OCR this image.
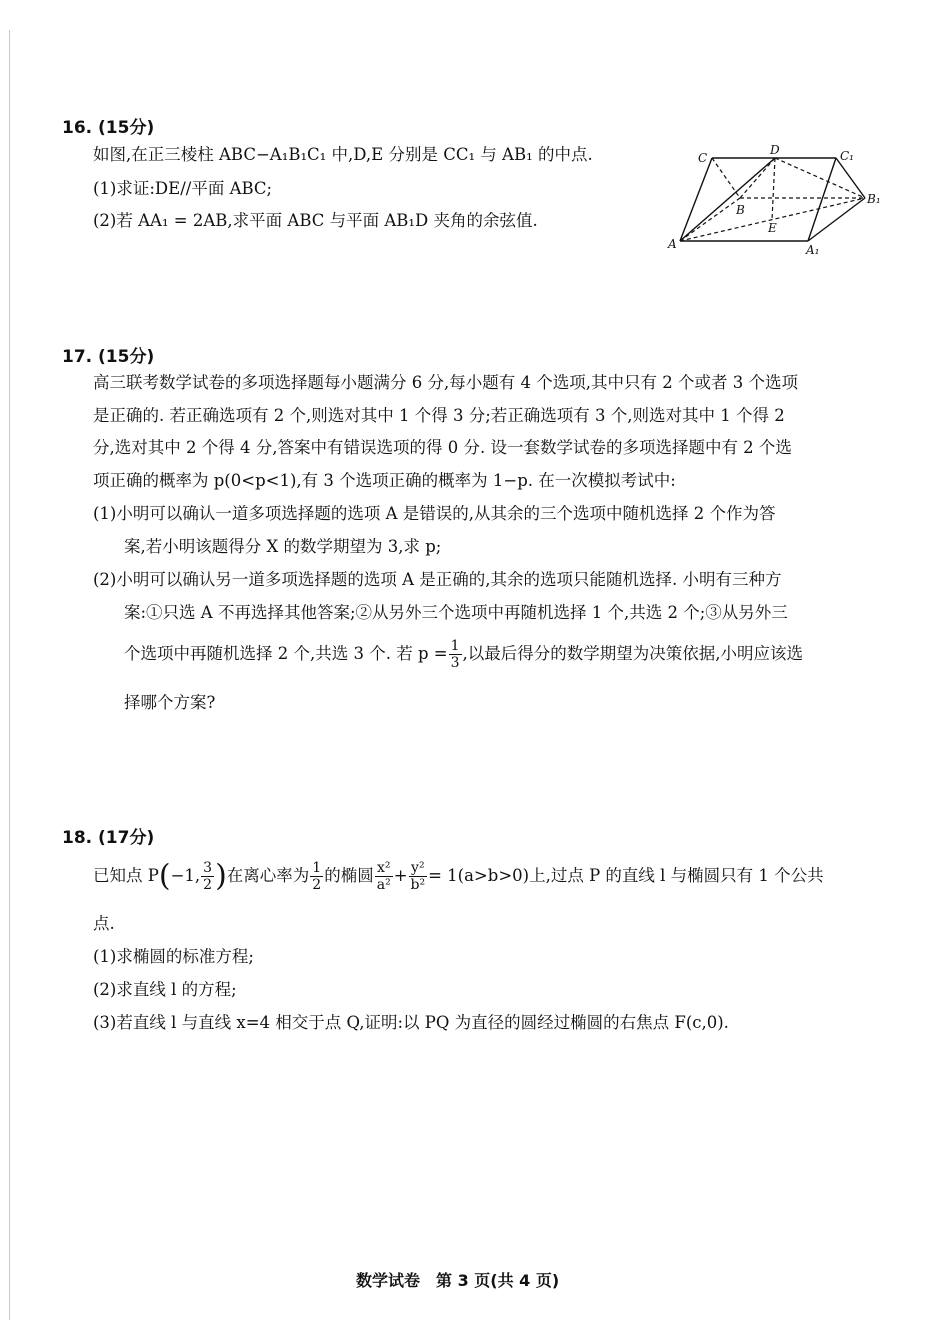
16. (15分)
如图,在正三棱柱 ABC−A₁B₁C₁ 中,D,E 分别是 CC₁ 与 AB₁ 的中点.
(1)求证:DE//平面 ABC;
(2)若 AA₁ = 2AB,求平面 ABC 与平面 AB₁D 夹角的余弦值.
C
D	C₁
B
B₁
E
A	A₁
17. (15分)
高三联考数学试卷的多项选择题每小题满分 6 分,每小题有 4 个选项,其中只有 2 个或者 3 个选项
是正确的. 若正确选项有 2 个,则选对其中 1 个得 3 分;若正确选项有 3 个,则选对其中 1 个得 2
分,选对其中 2 个得 4 分,答案中有错误选项的得 0 分. 设一套数学试卷的多项选择题中有 2 个选
项正确的概率为 p(0<p<1),有 3 个选项正确的概率为 1−p. 在一次模拟考试中:
(1)小明可以确认一道多项选择题的选项 A 是错误的,从其余的三个选项中随机选择 2 个作为答
案,若小明该题得分 X 的数学期望为 3,求 p;
(2)小明可以确认另一道多项选择题的选项 A 是正确的,其余的选项只能随机选择. 小明有三种方
案:①只选 A 不再选择其他答案;②从另外三个选项中再随机选择 1 个,共选 2 个;③从另外三
个选项中再随机选择 2 个,共选 3 个. 若 $p = \frac{1}{3}$ ,以最后得分的数学期望为决策依据,小明应该选
择哪个方案?
18. (17分)
已知点 P(−1, $\frac{3}{2}$ )在离心率为 $\frac{1}{2}$ 的椭圆 $\frac{\text{x²}}{\text{a²}} + \frac{\text{y²}}{\text{b²}} = 1(a>b>0)$上,过点 P 的直线 l 与椭圆只有 1 个公共
点.
(1)求椭圆的标准方程;
(2)求直线 l 的方程;
(3)若直线 l 与直线 x=4 相交于点 Q,证明:以 PQ 为直径的圆经过椭圆的右焦点 F(c,0).
数学试卷　第 3 页(共 4 页)
